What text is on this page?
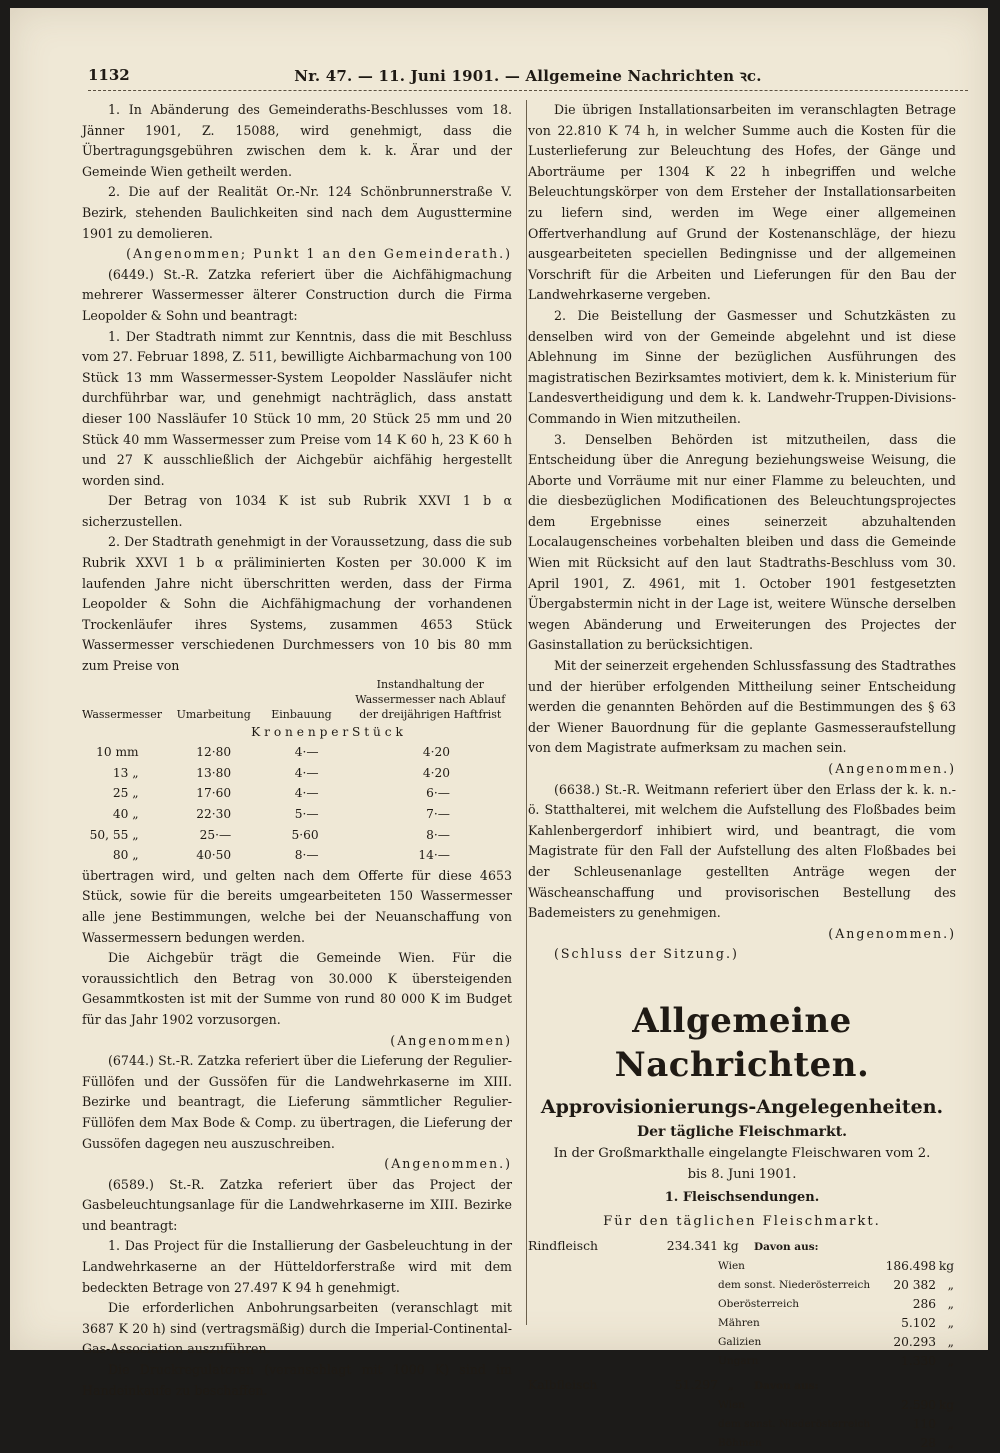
1132	Nr. 47. — 11. Juni 1901. — Allgemeine Nachrichten ꝛc.

1. In Abänderung des Gemeinderaths-Beschlusses vom 18. Jänner 1901, Z. 15088, wird genehmigt, dass die Übertragungsgebühren zwischen dem k. k. Ärar und der Gemeinde Wien getheilt werden.

2. Die auf der Realität Or.-Nr. 124 Schönbrunnerstraße V. Bezirk, stehenden Baulichkeiten sind nach dem Augusttermine 1901 zu demolieren.

(Angenommen; Punkt 1 an den Gemeinderath.)

(6449.) St.-R. Zatzka referiert über die Aichfähigmachung mehrerer Wassermesser älterer Construction durch die Firma Leopolder & Sohn und beantragt:

1. Der Stadtrath nimmt zur Kenntnis, dass die mit Beschluss vom 27. Februar 1898, Z. 511, bewilligte Aichbarmachung von 100 Stück 13 mm Wassermesser-System Leopolder Nassläufer nicht durchführbar war, und genehmigt nachträglich, dass anstatt dieser 100 Nassläufer 10 Stück 10 mm, 20 Stück 25 mm und 20 Stück 40 mm Wassermesser zum Preise vom 14 K 60 h, 23 K 60 h und 27 K ausschließlich der Aichgebür aichfähig hergestellt worden sind.

Der Betrag von 1034 K ist sub Rubrik XXVI 1 b α sicherzustellen.

2. Der Stadtrath genehmigt in der Voraussetzung, dass die sub Rubrik XXVI 1 b α präliminierten Kosten per 30.000 K im laufenden Jahre nicht überschritten werden, dass der Firma Leopolder & Sohn die Aichfähigmachung der vorhandenen Trockenläufer ihres Systems, zusammen 4653 Stück Wassermesser verschiedenen Durchmessers von 10 bis 80 mm zum Preise von

Wassermesser	Umarbeitung	Einbauung	Instandhaltung der Wassermesser nach Ablauf der dreijährigen Haftfrist
K r o n e n p e r S t ü c k			
10 mm	12·80	4·—	4·20
13 „	13·80	4·—	4·20
25 „	17·60	4·—	6·—
40 „	22·30	5·—	7·—
50, 55 „	25·—	5·60	8·—
80 „	40·50	8·—	14·—

übertragen wird, und gelten nach dem Offerte für diese 4653 Stück, sowie für die bereits umgearbeiteten 150 Wassermesser alle jene Bestimmungen, welche bei der Neuanschaffung von Wassermessern bedungen werden.

Die Aichgebür trägt die Gemeinde Wien. Für die voraussichtlich den Betrag von 30.000 K übersteigenden Gesammtkosten ist mit der Summe von rund 80 000 K im Budget für das Jahr 1902 vorzusorgen.

(Angenommen)

(6744.) St.-R. Zatzka referiert über die Lieferung der Regulier-Füllöfen und der Gussöfen für die Landwehrkaserne im XIII. Bezirke und beantragt, die Lieferung sämmtlicher Regulier-Füllöfen dem Max Bode & Comp. zu übertragen, die Lieferung der Gussöfen dagegen neu auszuschreiben.

(Angenommen.)

(6589.) St.-R. Zatzka referiert über das Project der Gasbeleuchtungsanlage für die Landwehrkaserne im XIII. Bezirke und beantragt:

1. Das Project für die Installierung der Gasbeleuchtung in der Landwehrkaserne an der Hütteldorferstraße wird mit dem bedeckten Betrage von 27.497 K 94 h genehmigt.

Die erforderlichen Anbohrungsarbeiten (veranschlagt mit 3687 K 20 h) sind (vertragsmäßig) durch die Imperial-Continental-Gas-Association auszuführen.

Die Druckregulatoren (veranschlagt mit 1000 K) sind im Handeinkaufe zu beschaffen.

Die übrigen Installationsarbeiten im veranschlagten Betrage von 22.810 K 74 h, in welcher Summe auch die Kosten für die Lusterlieferung zur Beleuchtung des Hofes, der Gänge und Aborträume per 1304 K 22 h inbegriffen und welche Beleuchtungskörper von dem Ersteher der Installationsarbeiten zu liefern sind, werden im Wege einer allgemeinen Offertverhandlung auf Grund der Kostenanschläge, der hiezu ausgearbeiteten speciellen Bedingnisse und der allgemeinen Vorschrift für die Arbeiten und Lieferungen für den Bau der Landwehrkaserne vergeben.

2. Die Beistellung der Gasmesser und Schutzkästen zu denselben wird von der Gemeinde abgelehnt und ist diese Ablehnung im Sinne der bezüglichen Ausführungen des magistratischen Bezirksamtes motiviert, dem k. k. Ministerium für Landesvertheidigung und dem k. k. Landwehr-Truppen-Divisions-Commando in Wien mitzutheilen.

3. Denselben Behörden ist mitzutheilen, dass die Entscheidung über die Anregung beziehungsweise Weisung, die Aborte und Vorräume mit nur einer Flamme zu beleuchten, und die diesbezüglichen Modificationen des Beleuchtungsprojectes dem Ergebnisse eines seinerzeit abzuhaltenden Localaugenscheines vorbehalten bleiben und dass die Gemeinde Wien mit Rücksicht auf den laut Stadtraths-Beschluss vom 30. April 1901, Z. 4961, mit 1. October 1901 festgesetzten Übergabstermin nicht in der Lage ist, weitere Wünsche derselben wegen Abänderung und Erweiterungen des Projectes der Gasinstallation zu berücksichtigen.

Mit der seinerzeit ergehenden Schlussfassung des Stadtrathes und der hierüber erfolgenden Mittheilung seiner Entscheidung werden die genannten Behörden auf die Bestimmungen des § 63 der Wiener Bauordnung für die geplante Gasmesseraufstellung von dem Magistrate aufmerksam zu machen sein.

(Angenommen.)

(6638.) St.-R. Weitmann referiert über den Erlass der k. k. n.-ö. Statthalterei, mit welchem die Aufstellung des Floßbades beim Kahlenbergerdorf inhibiert wird, und beantragt, die vom Magistrate für den Fall der Aufstellung des alten Floßbades bei der Schleusenanlage gestellten Anträge wegen der Wäscheanschaffung und provisorischen Bestellung des Bademeisters zu genehmigen.

(Angenommen.)

(Schluss der Sitzung.)

Allgemeine Nachrichten.
Approvisionierungs-Angelegenheiten.
Der tägliche Fleischmarkt.
In der Großmarkthalle eingelangte Fleischwaren vom 2. bis 8. Juni 1901.
1. Fleischsendungen.
Für den täglichen Fleischmarkt.
Rindfleisch	234.341 kg	Davon aus:
Wien	186.498	kg
dem sonst. Niederösterreich	20 382	„
Oberösterreich	286	„
Mähren	5.102	„
Galizien	20.293	„
Ungarn	1.330	„
Kalbfleisch	51.297 „	Davon aus:
Wien	2.590	kg
dem sonst. Niederösterreich	110	„
Böhmen	28	„
